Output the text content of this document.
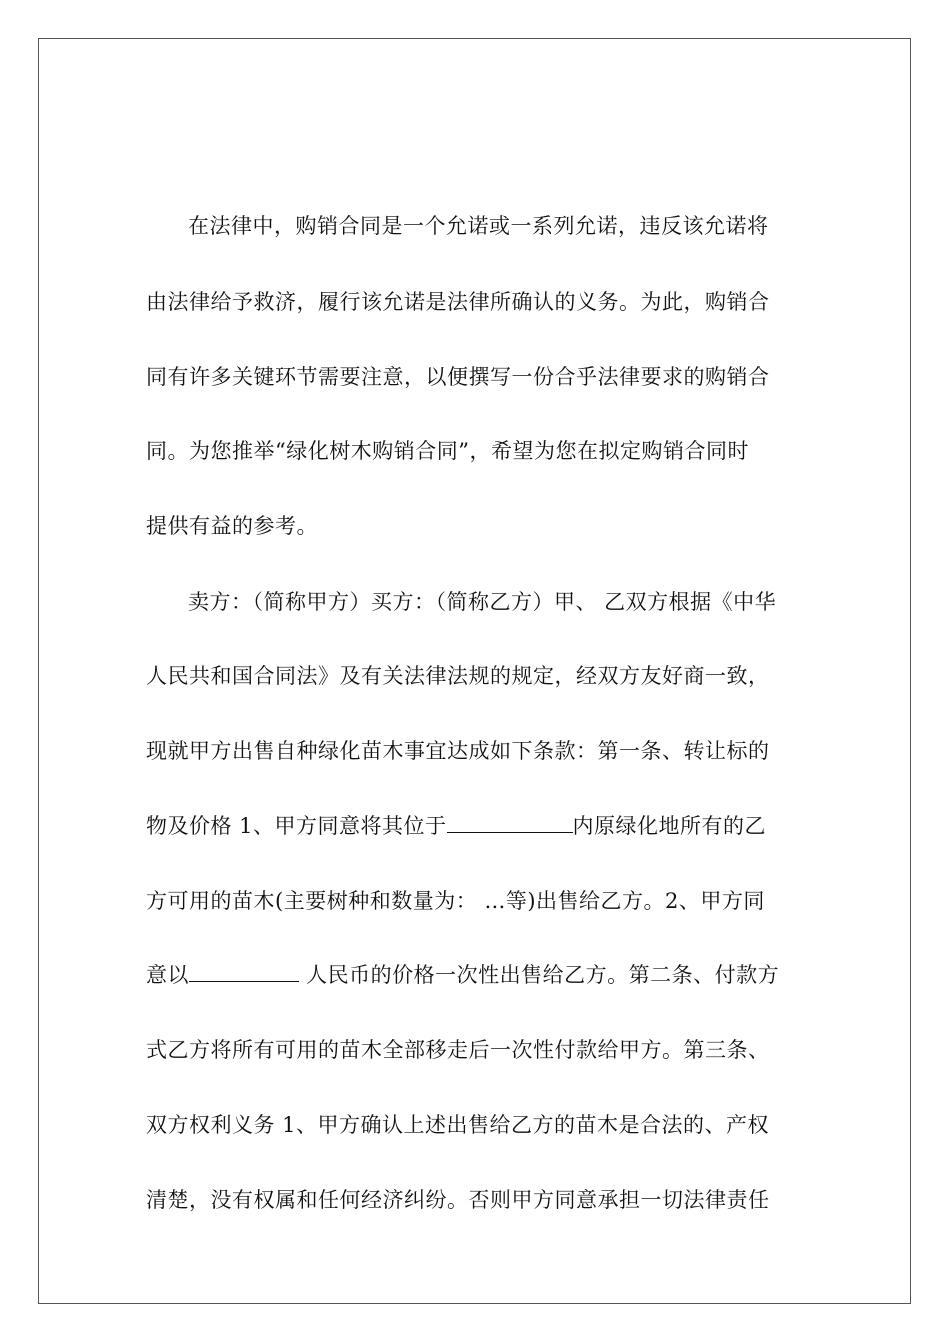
在法律中，购销合同是一个允诺或一系列允诺，违反该允诺将
由法律给予救济，履行该允诺是法律所确认的义务。为此，购销合
同有许多关键环节需要注意，以便撰写一份合乎法律要求的购销合
同。为您推举“绿化树木购销合同”，希望为您在拟定购销合同时
提供有益的参考。
卖方：（简称甲方）买方：（简称乙方）甲、 乙双方根据《中华
人民共和国合同法》及有关法律法规的规定，经双方友好商一致，
现就甲方出售自种绿化苗木事宜达成如下条款：第一条、转让标的
物及价格 1、甲方同意将其位于	内原绿化地所有的乙
方可用的苗木(主要树种和数量为： …等)出售给乙方。2、甲方同
意以	人民币的价格一次性出售给乙方。第二条、付款方
式乙方将所有可用的苗木全部移走后一次性付款给甲方。第三条、
双方权利义务 1、甲方确认上述出售给乙方的苗木是合法的、产权
清楚，没有权属和任何经济纠纷。否则甲方同意承担一切法律责任
